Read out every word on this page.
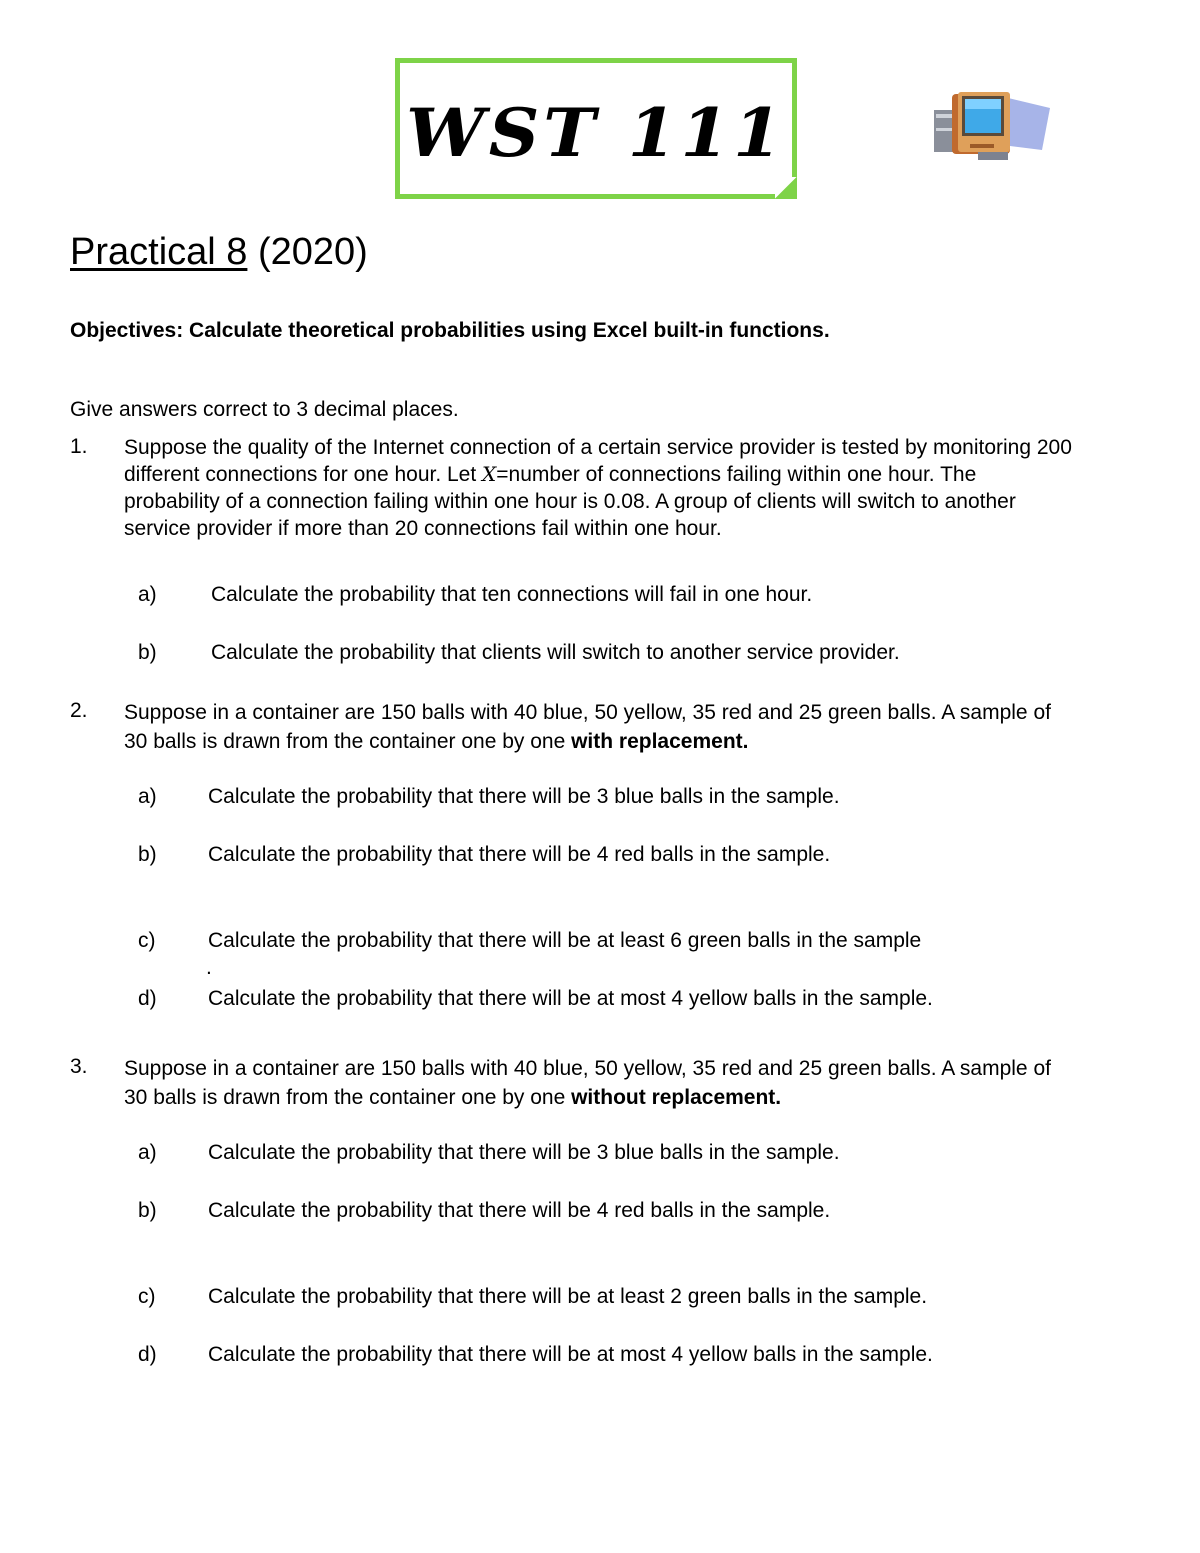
WST 111
Practical 8 (2020)
Objectives: Calculate theoretical probabilities using Excel built-in functions.
Give answers correct to 3 decimal places.
1. Suppose the quality of the Internet connection of a certain service provider is tested by monitoring 200 different connections for one hour. Let X=number of connections failing within one hour. The probability of a connection failing within one hour is 0.08. A group of clients will switch to another service provider if more than 20 connections fail within one hour.
a)	Calculate the probability that ten connections will fail in one hour.
b)	Calculate the probability that clients will switch to another service provider.
2. Suppose in a container are 150 balls with 40 blue, 50 yellow, 35 red and 25 green balls. A sample of 30 balls is drawn from the container one by one with replacement.
a) Calculate the probability that there will be 3 blue balls in the sample.
b) Calculate the probability that there will be 4 red balls in the sample.
c)	Calculate the probability that there will be at least 6 green balls in the sample
.
d) Calculate the probability that there will be at most 4 yellow balls in the sample.
3. Suppose in a container are 150 balls with 40 blue, 50 yellow, 35 red and 25 green balls. A sample of 30 balls is drawn from the container one by one without replacement.
a) Calculate the probability that there will be 3 blue balls in the sample.
b) Calculate the probability that there will be 4 red balls in the sample.
c)	Calculate the probability that there will be at least 2 green balls in the sample.
d) Calculate the probability that there will be at most 4 yellow balls in the sample.
